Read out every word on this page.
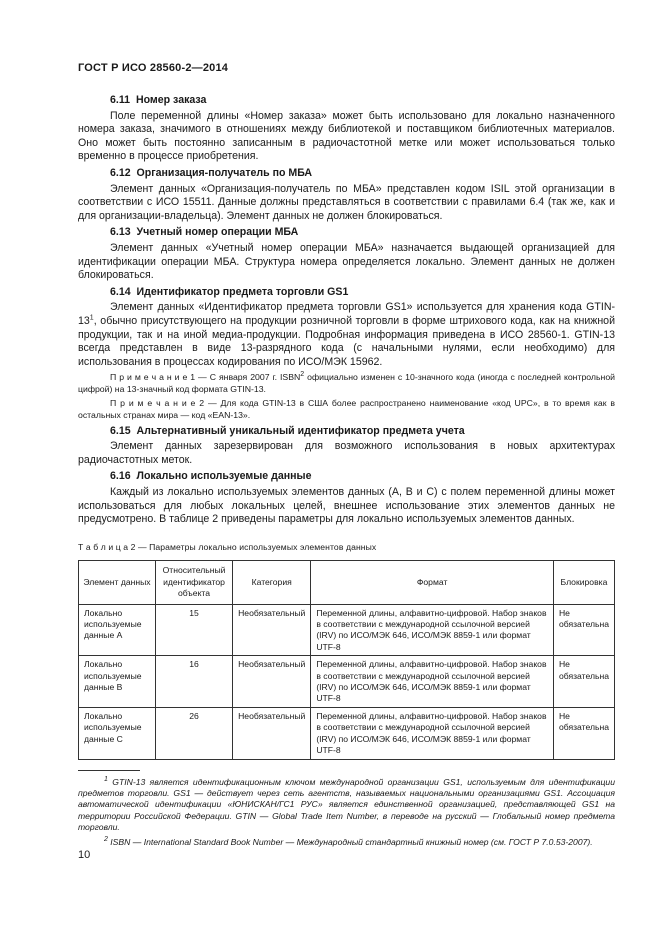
ГОСТ Р ИСО 28560-2—2014
6.11 Номер заказа
Поле переменной длины «Номер заказа» может быть использовано для локально назначенного номера заказа, значимого в отношениях между библиотекой и поставщиком библиотечных материалов. Оно может быть постоянно записанным в радиочастотной метке или может использоваться только временно в процессе приобретения.
6.12 Организация-получатель по МБА
Элемент данных «Организация-получатель по МБА» представлен кодом ISIL этой организации в соответствии с ИСО 15511. Данные должны представляться в соответствии с правилами 6.4 (так же, как и для организации-владельца). Элемент данных не должен блокироваться.
6.13 Учетный номер операции МБА
Элемент данных «Учетный номер операции МБА» назначается выдающей организацией для идентификации операции МБА. Структура номера определяется локально. Элемент данных не должен блокироваться.
6.14 Идентификатор предмета торговли GS1
Элемент данных «Идентификатор предмета торговли GS1» используется для хранения кода GTIN-$13^1$, обычно присутствующего на продукции розничной торговли в форме штрихового кода, как на книжной продукции, так и на иной медиа-продукции. Подробная информация приведена в ИСО 28560-1. GTIN-13 всегда представлен в виде 13-разрядного кода (с начальными нулями, если необходимо) для использования в процессах кодирования по ИСО/МЭК 15962.
П р и м е ч а н и е 1 — С января 2007 г. ISBN$^2$ официально изменен с 10-значного кода (иногда с последней контрольной цифрой) на 13-значный код формата GTIN-13.
П р и м е ч а н и е 2 — Для кода GTIN-13 в США более распространено наименование «код UPC», в то время как в остальных странах мира — код «EAN-13».
6.15 Альтернативный уникальный идентификатор предмета учета
Элемент данных зарезервирован для возможного использования в новых архитектурах радиочастотных меток.
6.16 Локально используемые данные
Каждый из локально используемых элементов данных (A, B и C) с полем переменной длины может использоваться для любых локальных целей, внешнее использование этих элементов данных не предусмотрено. В таблице 2 приведены параметры для локально используемых элементов данных.
Т а б л и ц а 2 — Параметры локально используемых элементов данных
Элемент данных	Относительный идентификатор объекта	Категория	Формат	Блокировка
Локально используемые данные A	15	Необязательный	Переменной длины, алфавитно-цифровой. Набор знаков в соответствии с международной ссылочной версией (IRV) по ИСО/МЭК 646, ИСО/МЭК 8859-1 или формат UTF-8	Не обязательна
Локально используемые данные B	16	Необязательный	Переменной длины, алфавитно-цифровой. Набор знаков в соответствии с международной ссылочной версией (IRV) по ИСО/МЭК 646, ИСО/МЭК 8859-1 или формат UTF-8	Не обязательна
Локально используемые данные C	26	Необязательный	Переменной длины, алфавитно-цифровой. Набор знаков в соответствии с международной ссылочной версией (IRV) по ИСО/МЭК 646, ИСО/МЭК 8859-1 или формат UTF-8	Не обязательна
$^1$ GTIN-13 является идентификационным ключом международной организации GS1, используемым для идентификации предметов торговли. GS1 — действует через сеть агентств, называемых национальными организациями GS1. Ассоциация автоматической идентификации «ЮНИСКАН/ГС1 РУС» является единственной организацией, представляющей GS1 на территории Российской Федерации. GTIN — Global Trade Item Number, в переводе на русский — Глобальный номер предмета торговли.
$^2$ ISBN — International Standard Book Number — Международный стандартный книжный номер (см. ГОСТ Р 7.0.53-2007).
10
